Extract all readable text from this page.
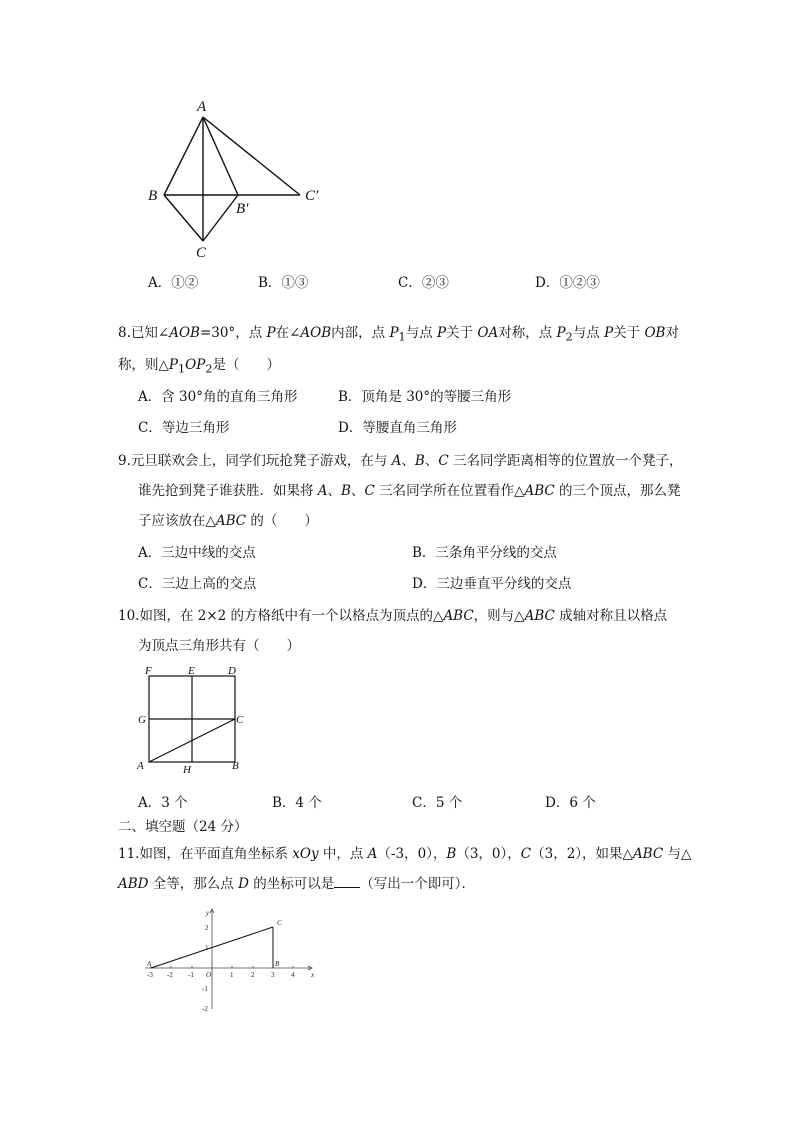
A
B
B′
C
C′
A．①②	B．①③	C．②③	D．①②③
8.已知∠AOB=30°，点 P在∠AOB内部，点 $P_1$与点 P关于 OA对称，点 $P_2$与点 P关于 OB对
称，则$\triangle P_1OP_2$是（　　）
A．含 30°角的直角三角形	B．顶角是 30°的等腰三角形
C．等边三角形	D．等腰直角三角形
9.元旦联欢会上，同学们玩抢凳子游戏，在与 A、B、C 三名同学距离相等的位置放一个凳子，
谁先抢到凳子谁获胜．如果将 A、B、C 三名同学所在位置看作△ABC 的三个顶点，那么凳
子应该放在△ABC 的（　　）
A．三边中线的交点	B．三条角平分线的交点
C．三边上高的交点	D．三边垂直平分线的交点
10.如图，在 2×2 的方格纸中有一个以格点为顶点的△ABC，则与△ABC 成轴对称且以格点
为顶点三角形共有（　　）
F	E	D
G	C
A	H	B
A．3 个	B．4 个	C．5 个	D．6 个
二、填空题（24 分）
11.如图，在平面直角坐标系 xOy 中，点 A（-3，0），B（3，0），C（3，2），如果△ABC 与△
ABD 全等，那么点 D 的坐标可以是 （写出一个即可）．
-3 -2 -1	1	2 3 4
2
1
-1
-2
O	x
y
A	B
C
